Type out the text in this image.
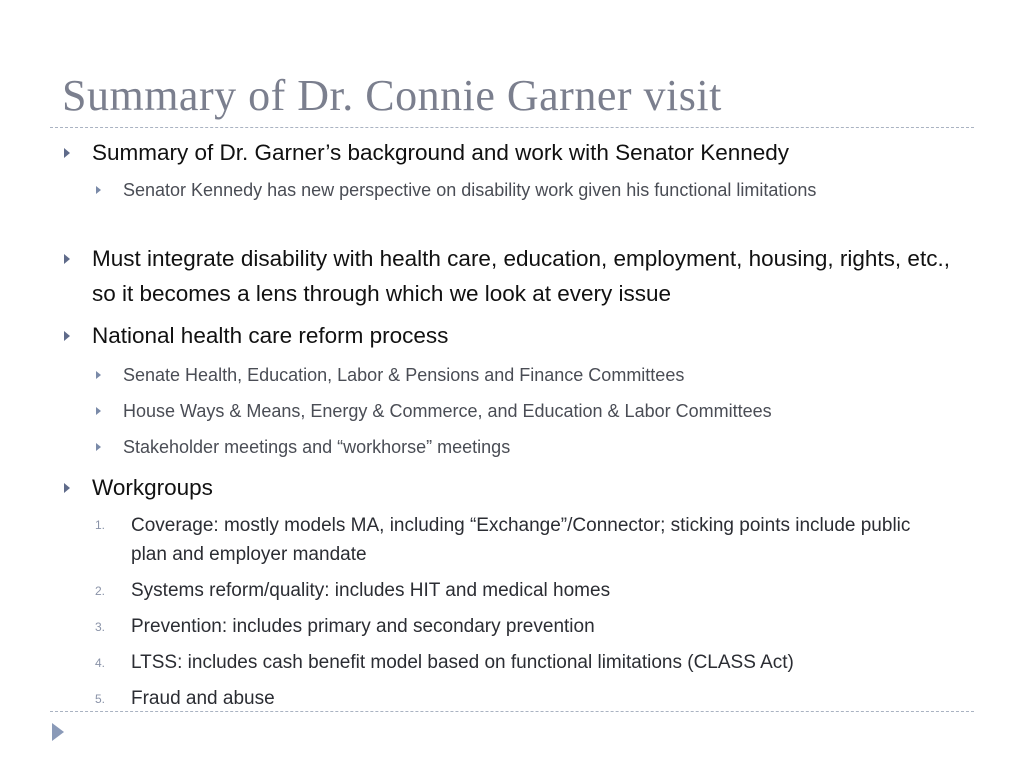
Summary of Dr. Connie Garner visit
Summary of Dr. Garner’s background and work with Senator Kennedy
Senator Kennedy has new perspective on disability work given his functional limitations
Must integrate disability with health care, education, employment, housing, rights, etc., so it becomes a lens through which we look at every issue
National health care reform process
Senate Health, Education, Labor & Pensions and Finance Committees
House Ways & Means, Energy & Commerce, and Education & Labor Committees
Stakeholder meetings and “workhorse” meetings
Workgroups
1. Coverage: mostly models MA, including “Exchange”/Connector; sticking points include public plan and employer mandate
2. Systems reform/quality: includes HIT and medical homes
3. Prevention: includes primary and secondary prevention
4. LTSS: includes cash benefit model based on functional limitations (CLASS Act)
5. Fraud and abuse
